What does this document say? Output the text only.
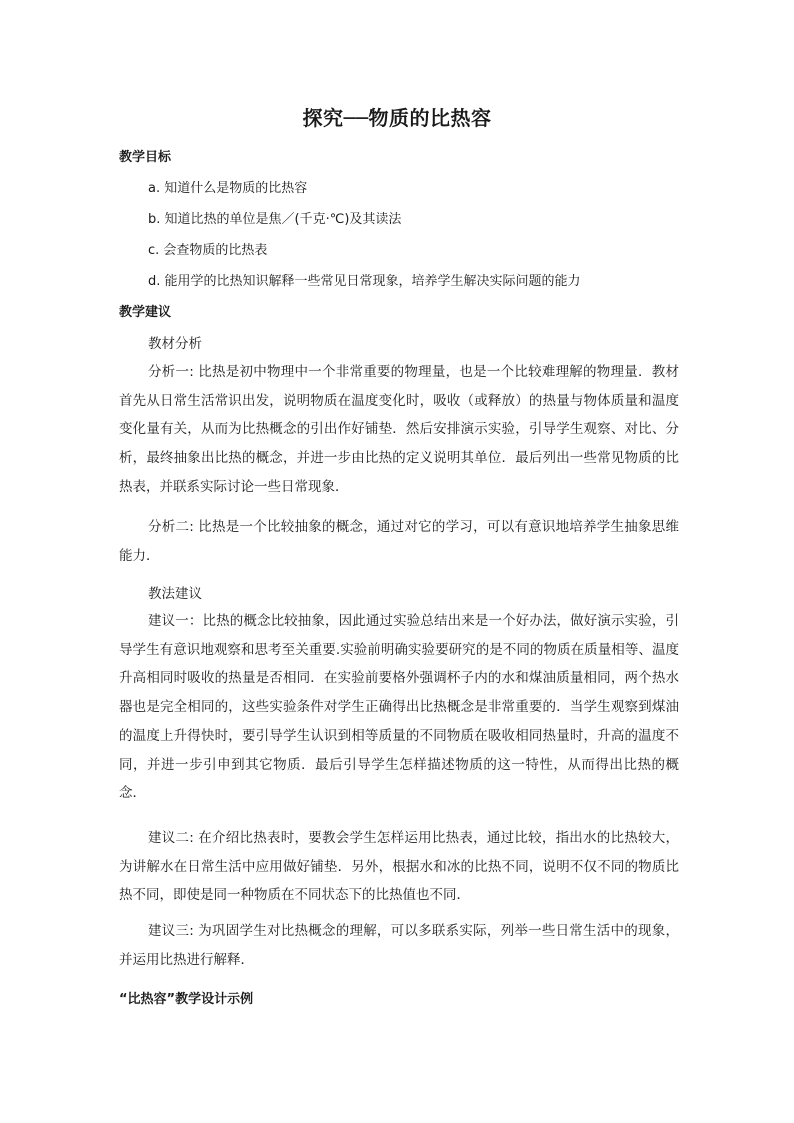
探究──物质的比热容
教学目标
a. 知道什么是物质的比热容
b. 知道比热的单位是焦／(千克·℃)及其读法
c. 会查物质的比热表
d. 能用学的比热知识解释一些常见日常现象，培养学生解决实际问题的能力
教学建议
教材分析
分析一: 比热是初中物理中一个非常重要的物理量，也是一个比较难理解的物理量．教材首先从日常生活常识出发，说明物质在温度变化时，吸收（或释放）的热量与物体质量和温度变化量有关，从而为比热概念的引出作好铺垫．然后安排演示实验，引导学生观察、对比、分析，最终抽象出比热的概念，并进一步由比热的定义说明其单位．最后列出一些常见物质的比热表，并联系实际讨论一些日常现象．
分析二: 比热是一个比较抽象的概念，通过对它的学习，可以有意识地培养学生抽象思维能力．
教法建议
建议一：比热的概念比较抽象，因此通过实验总结出来是一个好办法，做好演示实验，引导学生有意识地观察和思考至关重要.实验前明确实验要研究的是不同的物质在质量相等、温度升高相同时吸收的热量是否相同．在实验前要格外强调杯子内的水和煤油质量相同，两个热水器也是完全相同的，这些实验条件对学生正确得出比热概念是非常重要的．当学生观察到煤油的温度上升得快时，要引导学生认识到相等质量的不同物质在吸收相同热量时，升高的温度不同，并进一步引申到其它物质．最后引导学生怎样描述物质的这一特性，从而得出比热的概念．
建议二: 在介绍比热表时，要教会学生怎样运用比热表，通过比较，指出水的比热较大，为讲解水在日常生活中应用做好铺垫．另外，根据水和冰的比热不同，说明不仅不同的物质比热不同，即使是同一种物质在不同状态下的比热值也不同．
建议三: 为巩固学生对比热概念的理解，可以多联系实际，列举一些日常生活中的现象，并运用比热进行解释．
“比热容”教学设计示例
